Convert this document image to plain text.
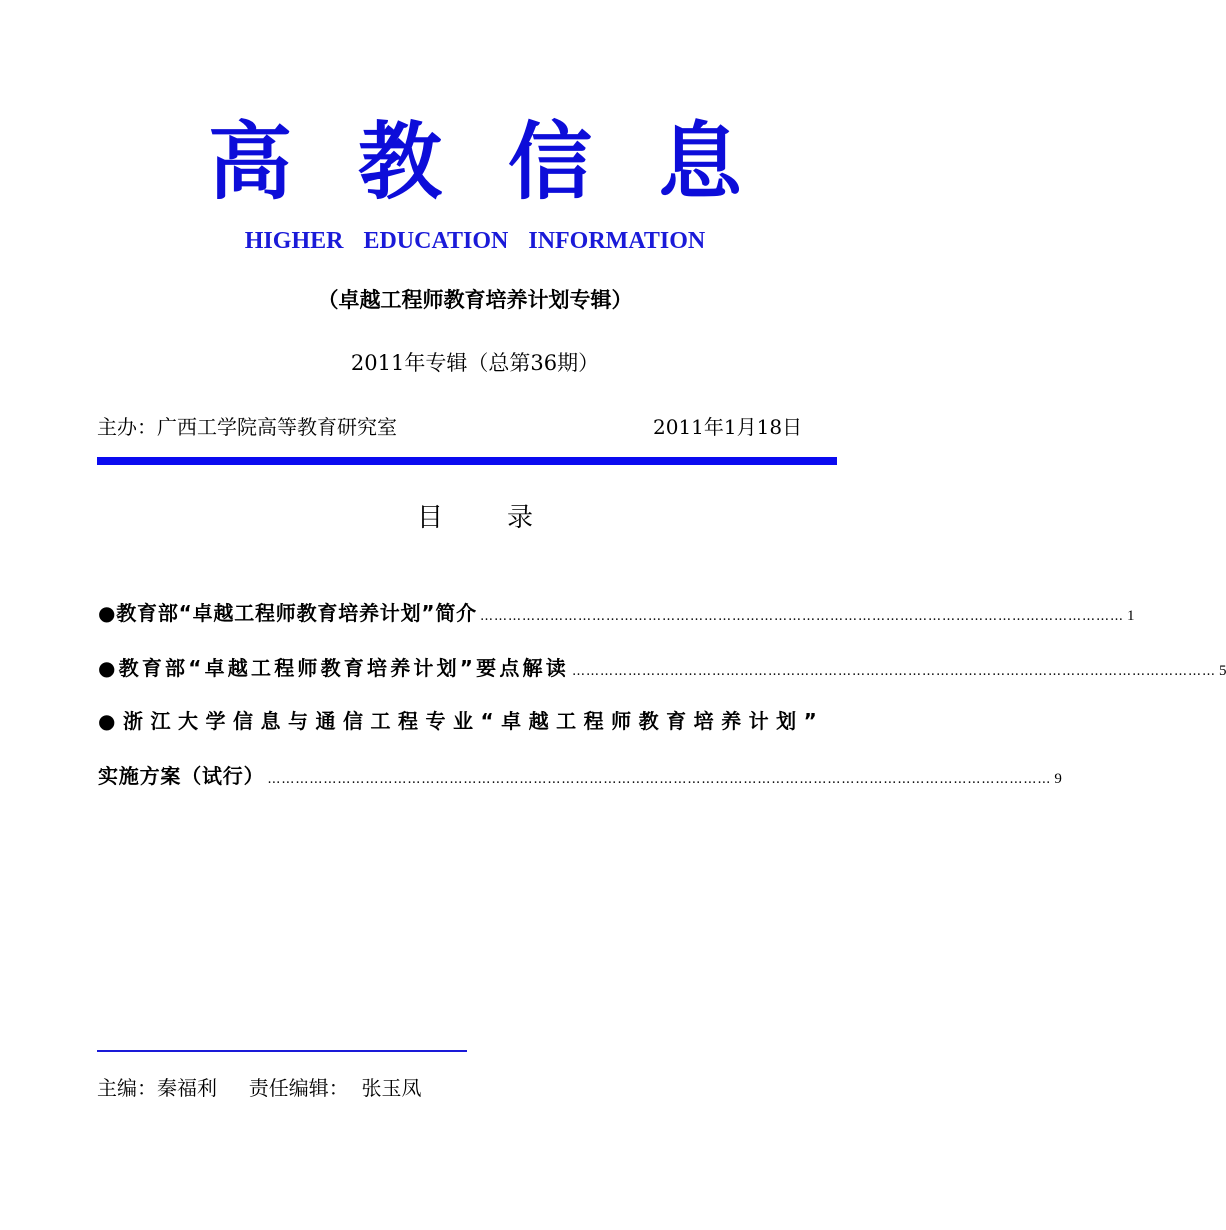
高教信息
HIGHER  EDUCATION  INFORMATION
（卓越工程师教育培养计划专辑）
2011年专辑（总第36期）
主办：广西工学院高等教育研究室	2011年1月18日
目录
●教育部“卓越工程师教育培养计划”简介 ………………………………………………………………………………………………………………………… 1
●教育部“卓越工程师教育培养计划”要点解读 ………………………………………………………………………………………………………………………… 5
●浙江大学信息与通信工程专业“卓越工程师教育培养计划”
实施方案（试行） …………………………………………………………………………………………………………………………………………………… 9
主编：秦福利     责任编辑：  张玉凤
